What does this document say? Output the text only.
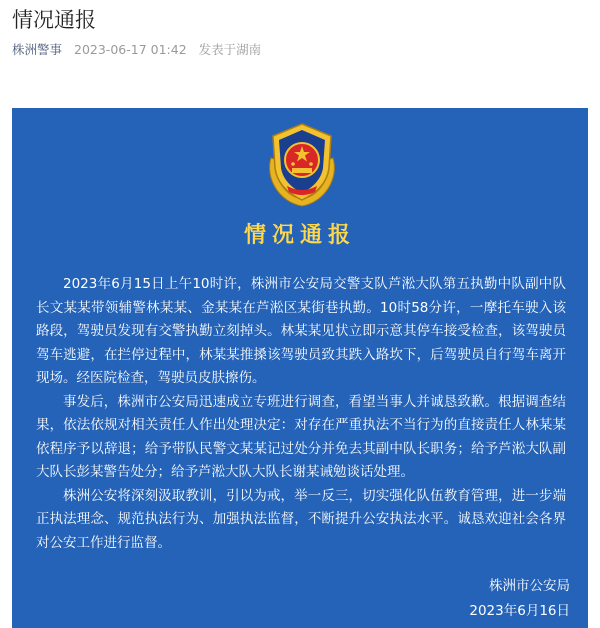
情况通报
株洲警事 2023-06-17 01:42 发表于湖南
情况通报

2023年6月15日上午10时许，株洲市公安局交警支队芦淞大队第五执勤中队副中队长文某某带领辅警林某某、金某某在芦淞区某街巷执勤。10时58分许，一摩托车驶入该路段，驾驶员发现有交警执勤立刻掉头。林某某见状立即示意其停车接受检查，该驾驶员驾车逃避，在拦停过程中，林某某推搡该驾驶员致其跌入路坎下，后驾驶员自行驾车离开现场。经医院检查，驾驶员皮肤擦伤。

事发后，株洲市公安局迅速成立专班进行调查，看望当事人并诚恳致歉。根据调查结果，依法依规对相关责任人作出处理决定：对存在严重执法不当行为的直接责任人林某某依程序予以辞退；给予带队民警文某某记过处分并免去其副中队长职务；给予芦淞大队副大队长彭某警告处分；给予芦淞大队大队长谢某诫勉谈话处理。

株洲公安将深刻汲取教训，引以为戒，举一反三，切实强化队伍教育管理，进一步端正执法理念、规范执法行为、加强执法监督，不断提升公安执法水平。诚恳欢迎社会各界对公安工作进行监督。

株洲市公安局
2023年6月16日
